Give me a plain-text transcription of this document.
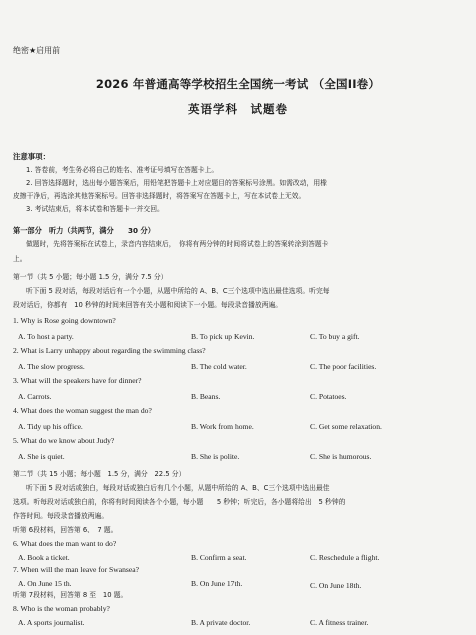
绝密★启用前
2026 年普通高等学校招生全国统一考试 （全国II卷）
英语学科　试题卷
注意事项：
1. 答卷前，考生务必将自己的姓名、准考证号填写在答题卡上。
2. 回答选择题时，选出每小题答案后，用铅笔把答题卡上对应题目的答案标号涂黑。如需改动，用橡
皮擦干净后，再选涂其他答案标号。回答非选择题时，将答案写在答题卡上，写在本试卷上无效。
3. 考试结束后，将本试卷和答题卡一并交回。
第一部分　听力（共两节，满分　　30 分）
做题时，先将答案标在试卷上，录音内容结束后，　你将有两分钟的时间将试卷上的答案转涂到答题卡
上。
第一节（共 5 小题；每小题 1.5 分，满分 7.5 分）
听下面 5 段对话，每段对话后有一个小题，从题中所给的 A、B、C三个选项中选出最佳选项。听完每
段对话后，你都有　10 秒钟的时间来回答有关小题和阅读下一小题。每段录音播放两遍。
1. Why is Rose going downtown?
A. To host a party.	B. To pick up Kevin.	C. To buy a gift.
2. What is Larry unhappy about regarding the swimming class?
A. The slow progress.	B. The cold water.	C. The poor facilities.
3. What will the speakers have for dinner?
A. Carrots.	B. Beans.	C. Potatoes.
4. What does the woman suggest the man do?
A. Tidy up his office.	B. Work from home.	C. Get some relaxation.
5. What do we know about Judy?
A. She is quiet.	B. She is polite.	C. She is humorous.
第二节（共 15 小题；每小题　1.5 分，满分　22.5 分）
听下面 5 段对话或独白，每段对话或独白后有几个小题，从题中所给的 A、B、C三个选项中选出最佳
选项。听每段对话或独白前，你将有时间阅读各个小题，每小题　　5 秒钟；听完后，各小题将给出　5 秒钟的
作答时间。每段录音播放两遍。
听第 6段材料，回答第 6、　7 题。
6. What does the man want to do?
A. Book a ticket.	B. Confirm a seat.	C. Reschedule a flight.
7. When will the man leave for Swansea?
A. On June 15 th.	B. On June 17th.	C. On June 18th.
听第 7段材料，回答第 8 至　10 题。
8. Who is the woman probably?
A. A sports journalist.	B. A private doctor.	C. A fitness trainer.
